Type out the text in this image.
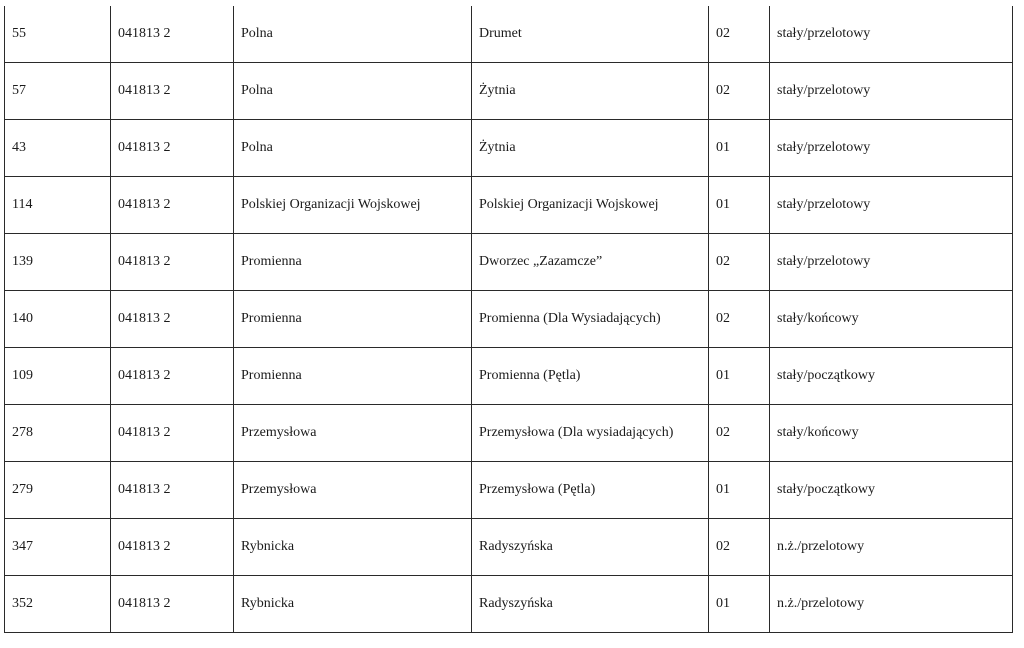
55	041813 2	Polna	Drumet	02	stały/przelotowy
57	041813 2	Polna	Żytnia	02	stały/przelotowy
43	041813 2	Polna	Żytnia	01	stały/przelotowy
114	041813 2	Polskiej Organizacji Wojskowej	Polskiej Organizacji Wojskowej	01	stały/przelotowy
139	041813 2	Promienna	Dworzec „Zazamcze”	02	stały/przelotowy
140	041813 2	Promienna	Promienna (Dla Wysiadających)	02	stały/końcowy
109	041813 2	Promienna	Promienna (Pętla)	01	stały/początkowy
278	041813 2	Przemysłowa	Przemysłowa (Dla wysiadających)	02	stały/końcowy
279	041813 2	Przemysłowa	Przemysłowa (Pętla)	01	stały/początkowy
347	041813 2	Rybnicka	Radyszyńska	02	n.ż./przelotowy
352	041813 2	Rybnicka	Radyszyńska	01	n.ż./przelotowy
